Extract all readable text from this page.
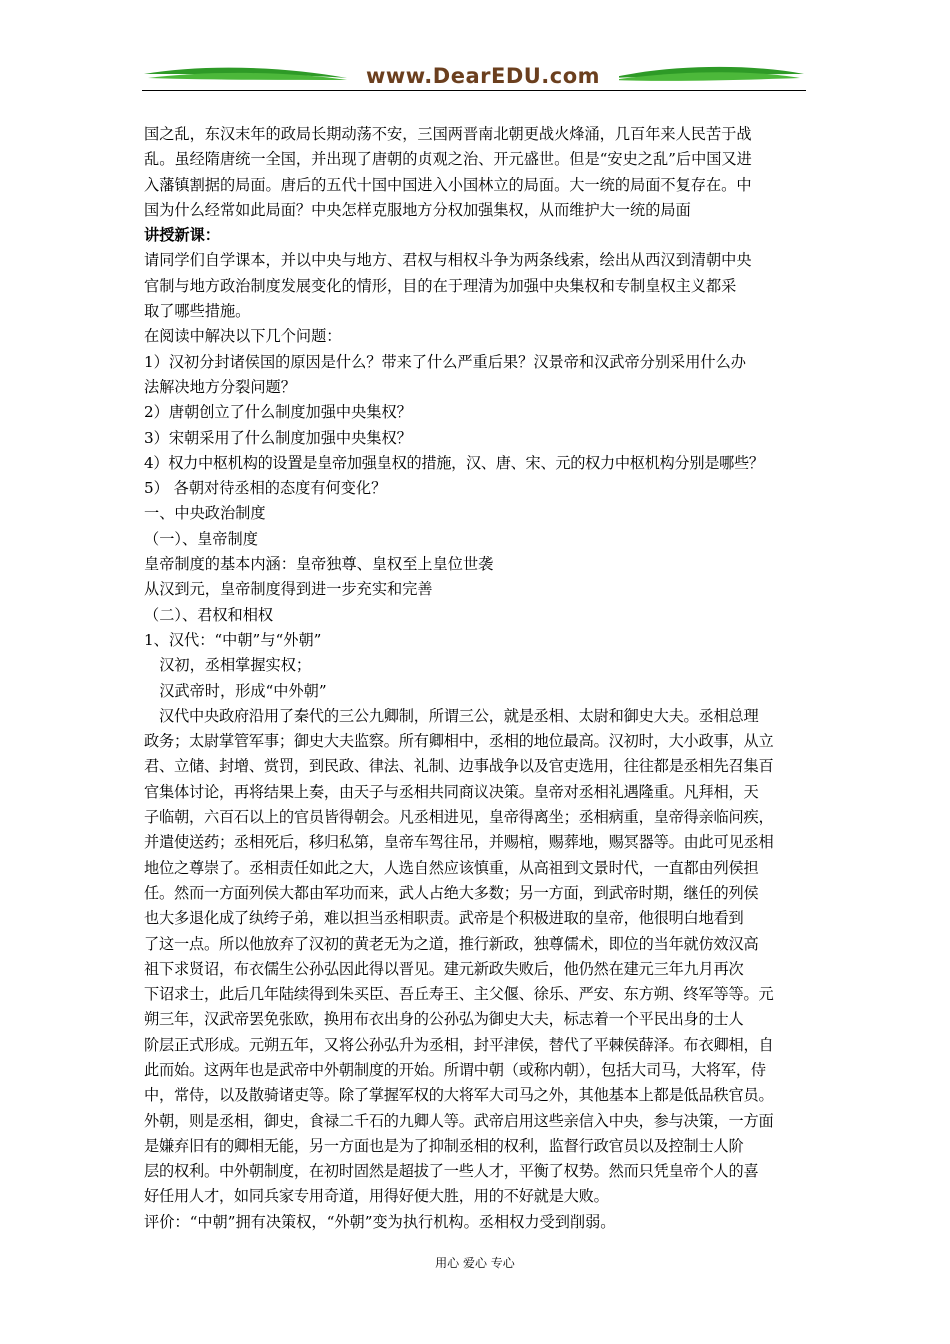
www.DearEDU.com

国之乱，东汉末年的政局长期动荡不安，三国两晋南北朝更战火烽涌，几百年来人民苦于战

乱。虽经隋唐统一全国，并出现了唐朝的贞观之治、开元盛世。但是“安史之乱”后中国又进

入藩镇割据的局面。唐后的五代十国中国进入小国林立的局面。大一统的局面不复存在。中

国为什么经常如此局面？中央怎样克服地方分权加强集权，从而维护大一统的局面

讲授新课：

请同学们自学课本，并以中央与地方、君权与相权斗争为两条线索，绘出从西汉到清朝中央

官制与地方政治制度发展变化的情形，目的在于理清为加强中央集权和专制皇权主义都采

取了哪些措施。

在阅读中解决以下几个问题：

1）汉初分封诸侯国的原因是什么？带来了什么严重后果？汉景帝和汉武帝分别采用什么办

法解决地方分裂问题？

2）唐朝创立了什么制度加强中央集权？

3）宋朝采用了什么制度加强中央集权？

4）权力中枢机构的设置是皇帝加强皇权的措施，汉、唐、宋、元的权力中枢机构分别是哪些？

5） 各朝对待丞相的态度有何变化？

一、中央政治制度

（一）、皇帝制度

皇帝制度的基本内涵：皇帝独尊、皇权至上皇位世袭

从汉到元，皇帝制度得到进一步充实和完善

（二）、君权和相权

1、汉代：“中朝”与“外朝”

汉初，丞相掌握实权；

汉武帝时，形成“中外朝”

　汉代中央政府沿用了秦代的三公九卿制，所谓三公，就是丞相、太尉和御史大夫。丞相总理

政务；太尉掌管军事；御史大夫监察。所有卿相中，丞相的地位最高。汉初时，大小政事，从立

君、立储、封增、赏罚，到民政、律法、礼制、边事战争以及官吏选用，往往都是丞相先召集百

官集体讨论，再将结果上奏，由天子与丞相共同商议决策。皇帝对丞相礼遇隆重。凡拜相，天

子临朝，六百石以上的官员皆得朝会。凡丞相进见，皇帝得离坐；丞相病重，皇帝得亲临问疾，

并遣使送药；丞相死后，移归私第，皇帝车驾往吊，并赐棺，赐葬地，赐冥器等。由此可见丞相

地位之尊崇了。丞相责任如此之大，人选自然应该慎重，从高祖到文景时代，一直都由列侯担

任。然而一方面列侯大都由军功而来，武人占绝大多数；另一方面，到武帝时期，继任的列侯

也大多退化成了纨绔子弟，难以担当丞相职责。武帝是个积极进取的皇帝，他很明白地看到

了这一点。所以他放弃了汉初的黄老无为之道，推行新政，独尊儒术，即位的当年就仿效汉高

祖下求贤诏，布衣儒生公孙弘因此得以晋见。建元新政失败后，他仍然在建元三年九月再次

下诏求士，此后几年陆续得到朱买臣、吾丘寿王、主父偃、徐乐、严安、东方朔、终军等等。元

朔三年，汉武帝罢免张欧，换用布衣出身的公孙弘为御史大夫，标志着一个平民出身的士人

阶层正式形成。元朔五年，又将公孙弘升为丞相，封平津侯，替代了平棘侯薛泽。布衣卿相，自

此而始。这两年也是武帝中外朝制度的开始。所谓中朝（或称内朝），包括大司马，大将军，侍

中，常侍，以及散骑诸吏等。除了掌握军权的大将军大司马之外，其他基本上都是低品秩官员。

外朝，则是丞相，御史，食禄二千石的九卿人等。武帝启用这些亲信入中央，参与决策，一方面

是嫌弃旧有的卿相无能，另一方面也是为了抑制丞相的权利，监督行政官员以及控制士人阶

层的权利。中外朝制度，在初时固然是超拔了一些人才，平衡了权势。然而只凭皇帝个人的喜

好任用人才，如同兵家专用奇道，用得好便大胜，用的不好就是大败。

评价：“中朝”拥有决策权，“外朝”变为执行机构。丞相权力受到削弱。

用心 爱心 专心
